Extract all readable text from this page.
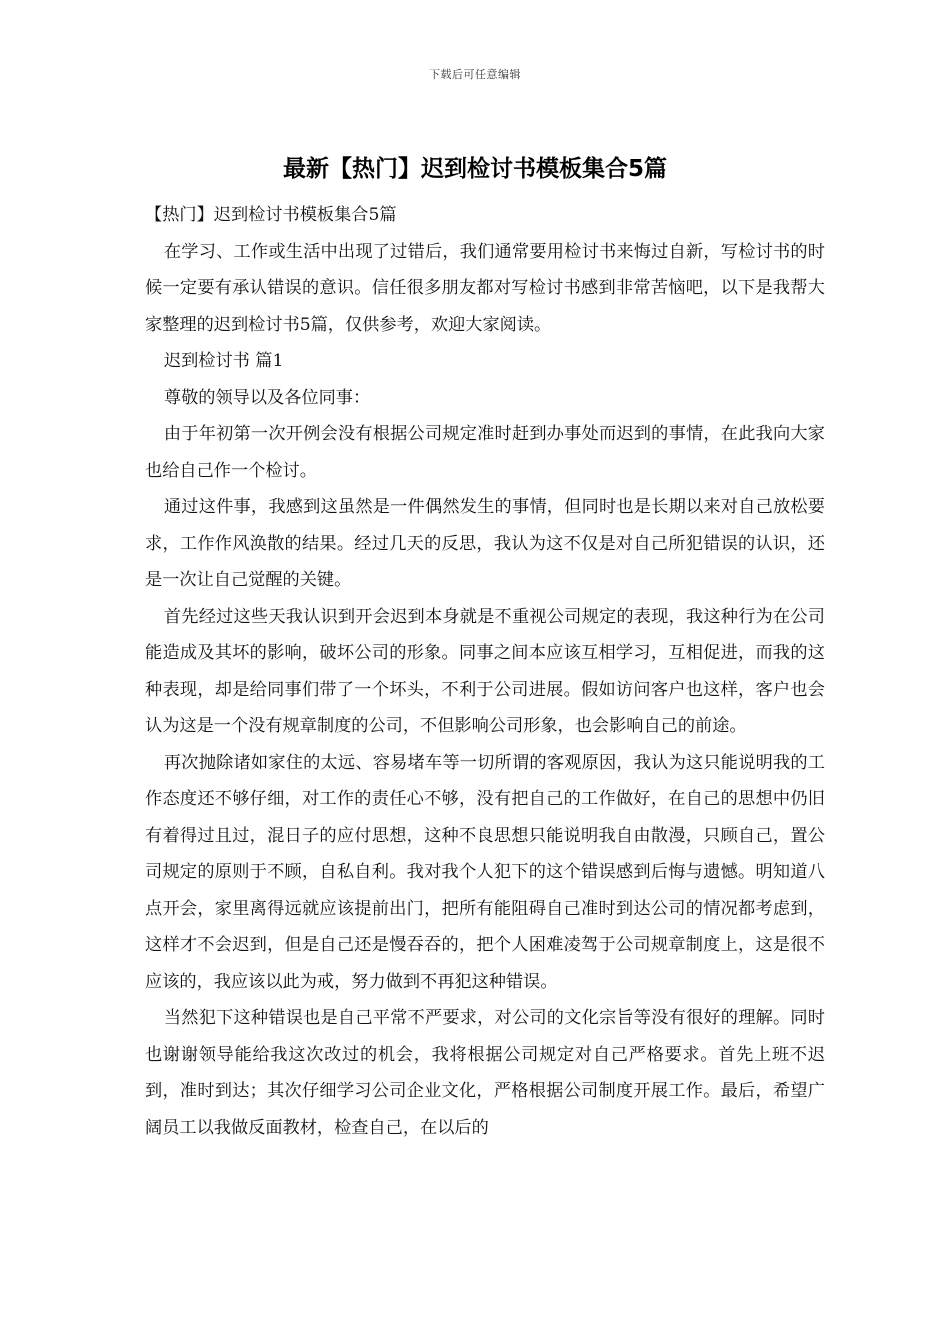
下载后可任意编辑
最新【热门】迟到检讨书模板集合5篇

【热门】迟到检讨书模板集合5篇

在学习、工作或生活中出现了过错后，我们通常要用检讨书来悔过自新，写检讨书的时候一定要有承认错误的意识。信任很多朋友都对写检讨书感到非常苦恼吧，以下是我帮大家整理的迟到检讨书5篇，仅供参考，欢迎大家阅读。

迟到检讨书 篇1

尊敬的领导以及各位同事：

由于年初第一次开例会没有根据公司规定准时赶到办事处而迟到的事情，在此我向大家也给自己作一个检讨。

通过这件事，我感到这虽然是一件偶然发生的事情，但同时也是长期以来对自己放松要求，工作作风涣散的结果。经过几天的反思，我认为这不仅是对自己所犯错误的认识，还是一次让自己觉醒的关键。

首先经过这些天我认识到开会迟到本身就是不重视公司规定的表现，我这种行为在公司能造成及其坏的影响，破坏公司的形象。同事之间本应该互相学习，互相促进，而我的这种表现，却是给同事们带了一个坏头，不利于公司进展。假如访问客户也这样，客户也会认为这是一个没有规章制度的公司，不但影响公司形象，也会影响自己的前途。

再次抛除诸如家住的太远、容易堵车等一切所谓的客观原因，我认为这只能说明我的工作态度还不够仔细，对工作的责任心不够，没有把自己的工作做好，在自己的思想中仍旧有着得过且过，混日子的应付思想，这种不良思想只能说明我自由散漫，只顾自己，置公司规定的原则于不顾，自私自利。我对我个人犯下的这个错误感到后悔与遗憾。明知道八点开会，家里离得远就应该提前出门，把所有能阻碍自己准时到达公司的情况都考虑到，这样才不会迟到，但是自己还是慢吞吞的，把个人困难凌驾于公司规章制度上，这是很不应该的，我应该以此为戒，努力做到不再犯这种错误。

当然犯下这种错误也是自己平常不严要求，对公司的文化宗旨等没有很好的理解。同时也谢谢领导能给我这次改过的机会，我将根据公司规定对自己严格要求。首先上班不迟到，准时到达；其次仔细学习公司企业文化，严格根据公司制度开展工作。最后，希望广阔员工以我做反面教材，检查自己，在以后的
